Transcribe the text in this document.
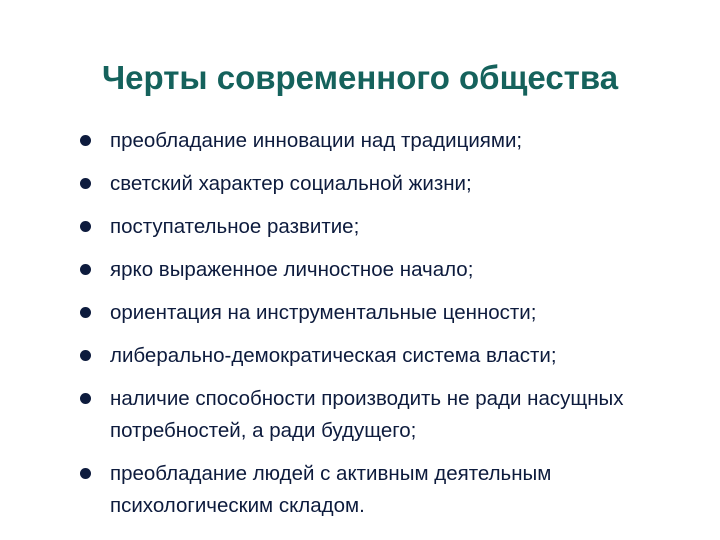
Черты современного общества
преобладание инновации над традициями;
светский характер социальной жизни;
поступательное развитие;
ярко выраженное личностное начало;
ориентация на инструментальные ценности;
либерально-демократическая система власти;
наличие способности производить не ради насущных потребностей, а ради будущего;
преобладание людей с активным деятельным психологическим складом.
